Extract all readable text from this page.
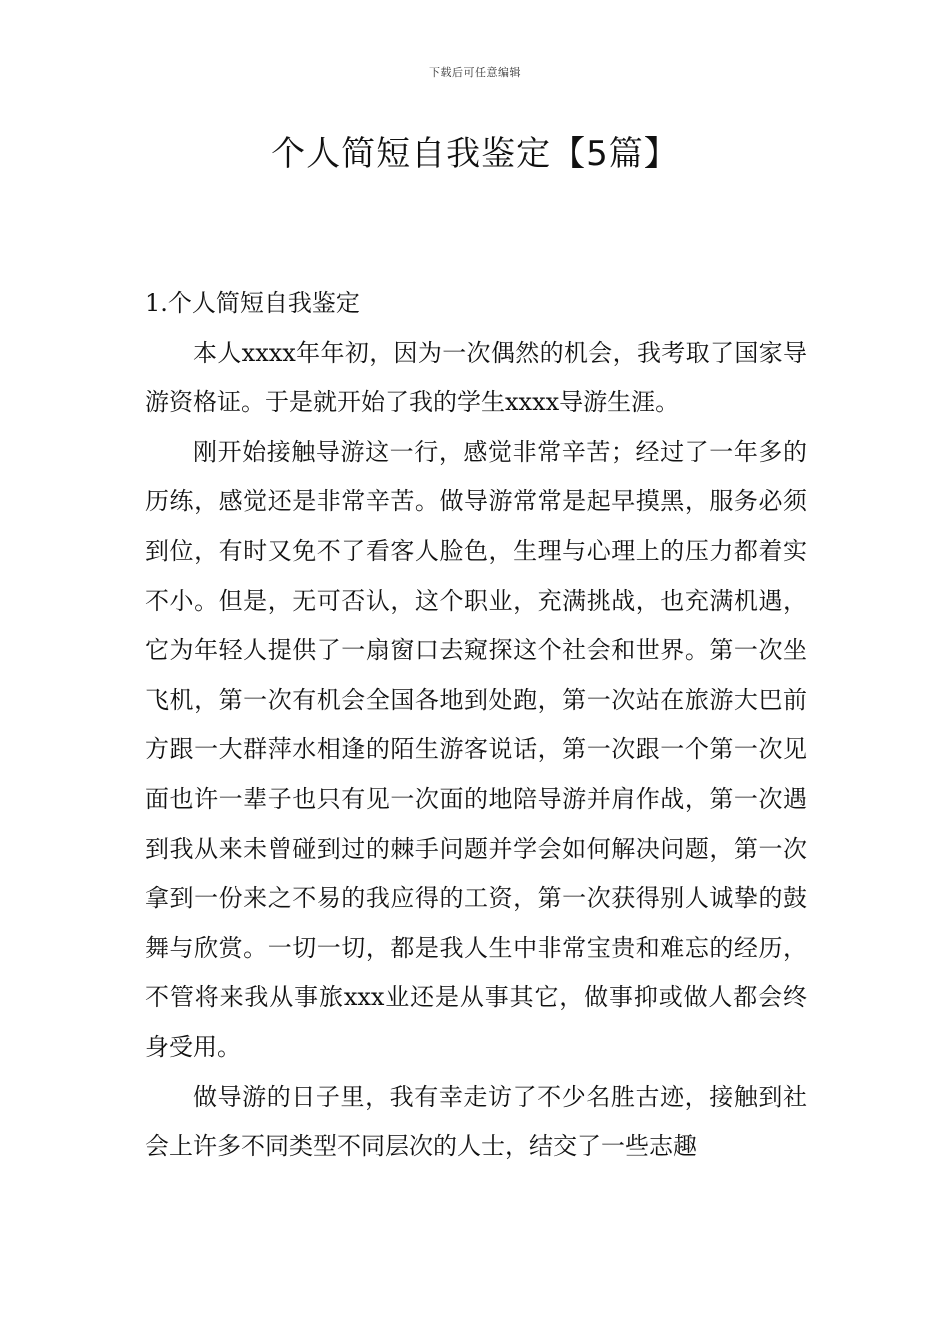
下载后可任意编辑
个人简短自我鉴定【5篇】

1.个人简短自我鉴定

本人xxxx年年初，因为一次偶然的机会，我考取了国家导游资格证。于是就开始了我的学生xxxx导游生涯。

刚开始接触导游这一行，感觉非常辛苦；经过了一年多的历练，感觉还是非常辛苦。做导游常常是起早摸黑，服务必须到位，有时又免不了看客人脸色，生理与心理上的压力都着实不小。但是，无可否认，这个职业，充满挑战，也充满机遇，它为年轻人提供了一扇窗口去窥探这个社会和世界。第一次坐飞机，第一次有机会全国各地到处跑，第一次站在旅游大巴前方跟一大群萍水相逢的陌生游客说话，第一次跟一个第一次见面也许一辈子也只有见一次面的地陪导游并肩作战，第一次遇到我从来未曾碰到过的棘手问题并学会如何解决问题，第一次拿到一份来之不易的我应得的工资，第一次获得别人诚挚的鼓舞与欣赏。一切一切，都是我人生中非常宝贵和难忘的经历，不管将来我从事旅xxx业还是从事其它，做事抑或做人都会终身受用。

做导游的日子里，我有幸走访了不少名胜古迹，接触到社会上许多不同类型不同层次的人士，结交了一些志趣
